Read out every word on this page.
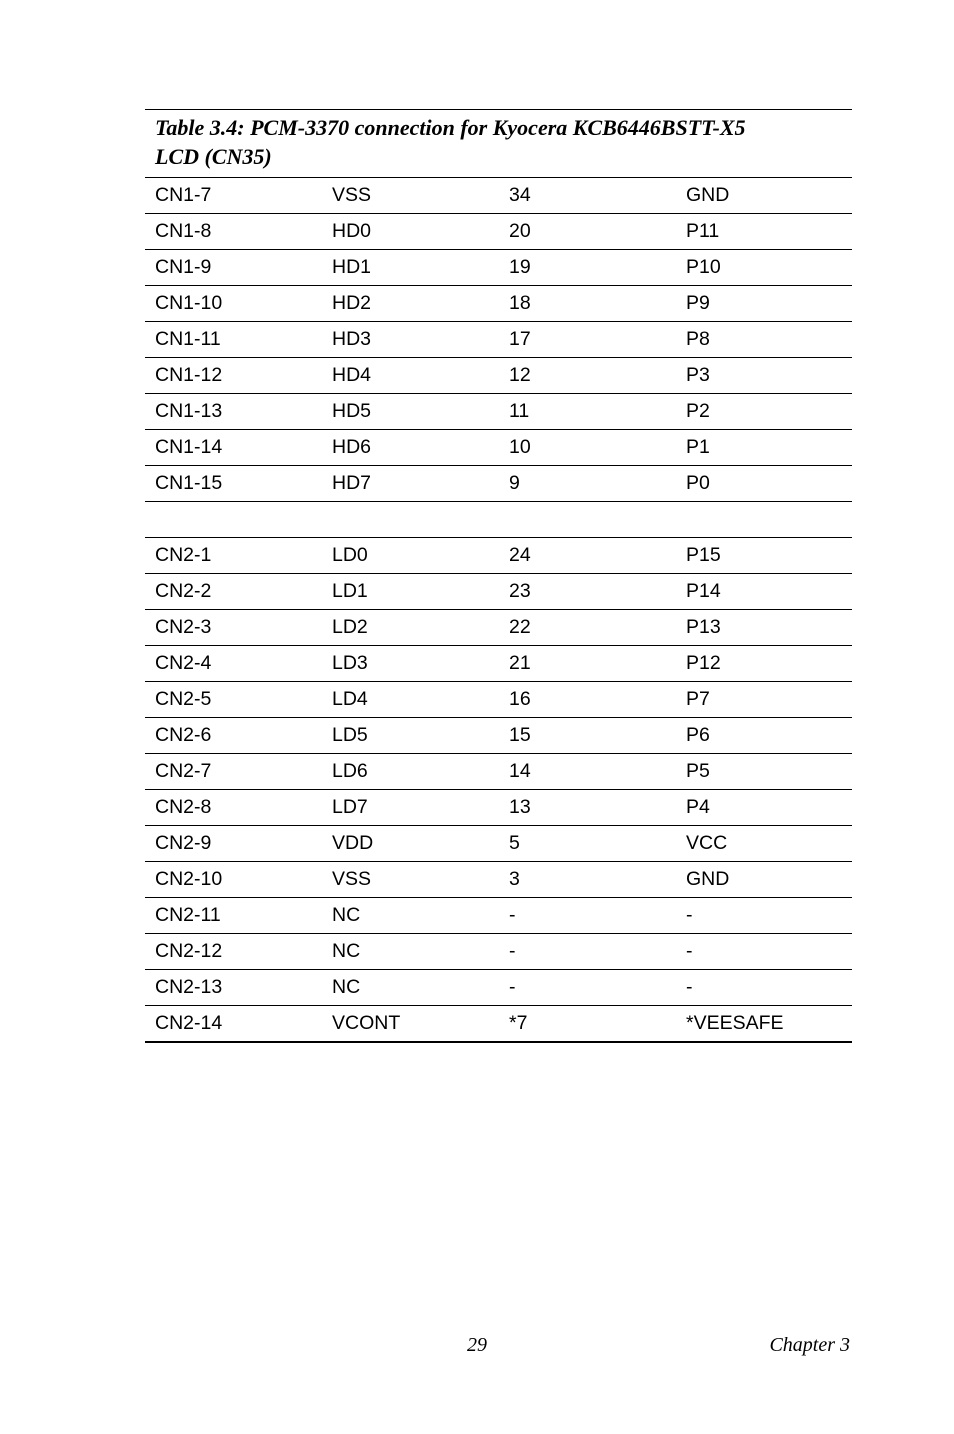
Table 3.4: PCM-3370 connection for Kyocera KCB6446BSTT-X5
LCD (CN35)
CN1-7	VSS	34	GND
CN1-8	HD0	20	P11
CN1-9	HD1	19	P10
CN1-10	HD2	18	P9
CN1-11	HD3	17	P8
CN1-12	HD4	12	P3
CN1-13	HD5	11	P2
CN1-14	HD6	10	P1
CN1-15	HD7	9	P0

CN2-1	LD0	24	P15
CN2-2	LD1	23	P14
CN2-3	LD2	22	P13
CN2-4	LD3	21	P12
CN2-5	LD4	16	P7
CN2-6	LD5	15	P6
CN2-7	LD6	14	P5
CN2-8	LD7	13	P4
CN2-9	VDD	5	VCC
CN2-10	VSS	3	GND
CN2-11	NC	-	-
CN2-12	NC	-	-
CN2-13	NC	-	-
CN2-14	VCONT	*7	*VEESAFE
29	Chapter 3
